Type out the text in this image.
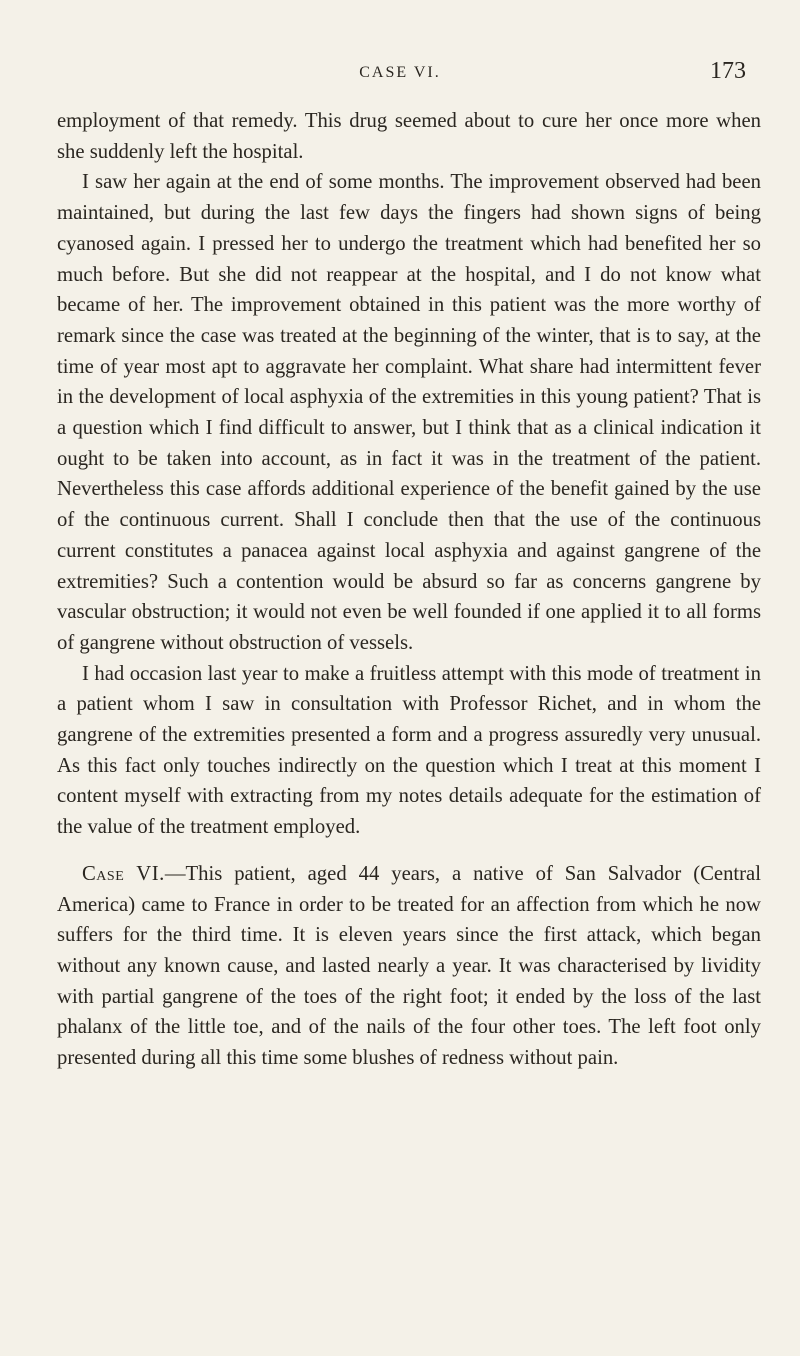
CASE VI.	173

employment of that remedy. This drug seemed about to cure her once more when she suddenly left the hospital.

I saw her again at the end of some months. The improvement observed had been maintained, but during the last few days the fingers had shown signs of being cyanosed again. I pressed her to undergo the treatment which had benefited her so much before. But she did not reappear at the hospital, and I do not know what became of her. The improvement obtained in this patient was the more worthy of remark since the case was treated at the beginning of the winter, that is to say, at the time of year most apt to aggravate her complaint. What share had intermittent fever in the development of local asphyxia of the extremities in this young patient? That is a question which I find difficult to answer, but I think that as a clinical indication it ought to be taken into account, as in fact it was in the treatment of the patient. Nevertheless this case affords additional experience of the benefit gained by the use of the continuous current. Shall I conclude then that the use of the continuous current constitutes a panacea against local asphyxia and against gangrene of the extremities? Such a contention would be absurd so far as concerns gangrene by vascular obstruction; it would not even be well founded if one applied it to all forms of gangrene without obstruction of vessels.

I had occasion last year to make a fruitless attempt with this mode of treatment in a patient whom I saw in consultation with Professor Richet, and in whom the gangrene of the extremities presented a form and a progress assuredly very unusual. As this fact only touches indirectly on the question which I treat at this moment I content myself with extracting from my notes details adequate for the estimation of the value of the treatment employed.

Case VI.—This patient, aged 44 years, a native of San Salvador (Central America) came to France in order to be treated for an affection from which he now suffers for the third time. It is eleven years since the first attack, which began without any known cause, and lasted nearly a year. It was characterised by lividity with partial gangrene of the toes of the right foot; it ended by the loss of the last phalanx of the little toe, and of the nails of the four other toes. The left foot only presented during all this time some blushes of redness without pain.
